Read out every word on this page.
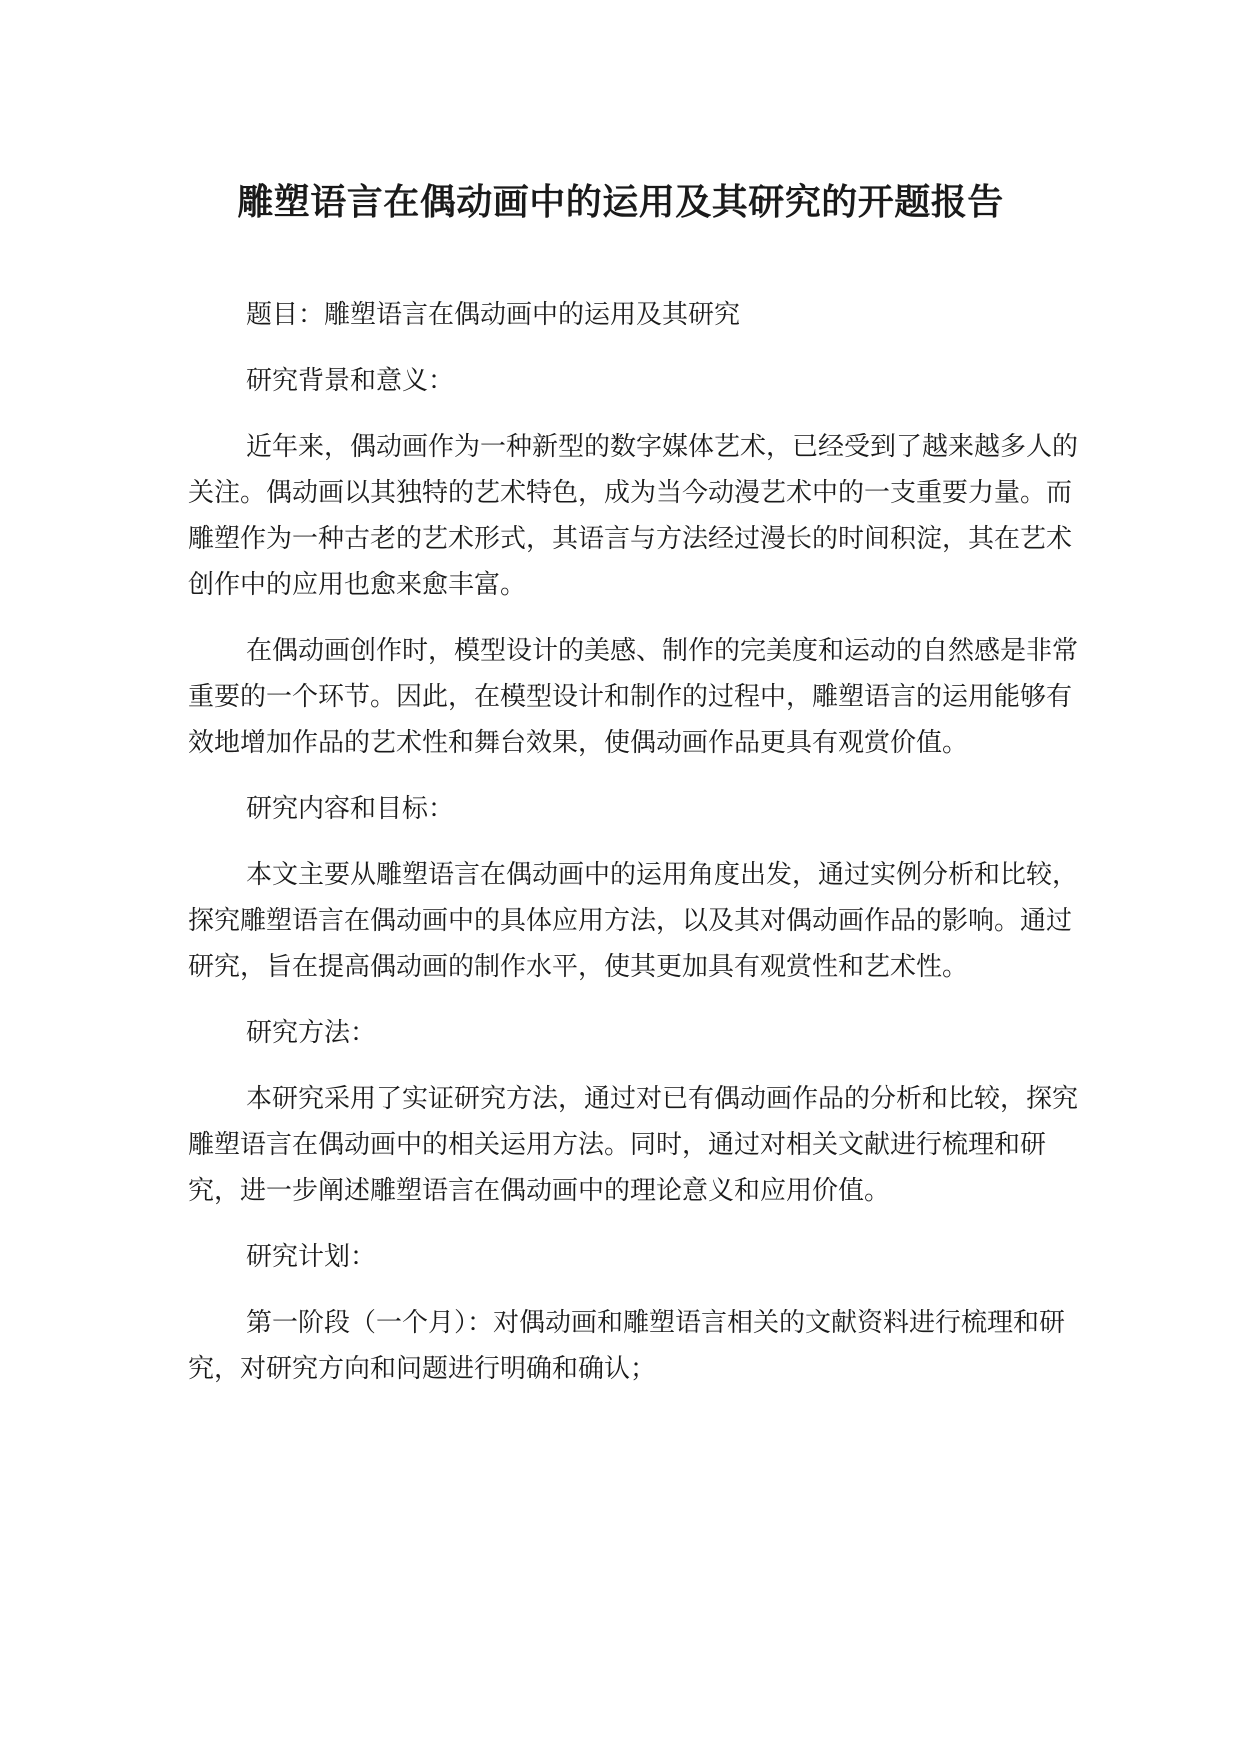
雕塑语言在偶动画中的运用及其研究的开题报告

题目：雕塑语言在偶动画中的运用及其研究

研究背景和意义：

近年来，偶动画作为一种新型的数字媒体艺术，已经受到了越来越多人的关注。偶动画以其独特的艺术特色，成为当今动漫艺术中的一支重要力量。而雕塑作为一种古老的艺术形式，其语言与方法经过漫长的时间积淀，其在艺术创作中的应用也愈来愈丰富。

在偶动画创作时，模型设计的美感、制作的完美度和运动的自然感是非常重要的一个环节。因此，在模型设计和制作的过程中，雕塑语言的运用能够有效地增加作品的艺术性和舞台效果，使偶动画作品更具有观赏价值。

研究内容和目标：

本文主要从雕塑语言在偶动画中的运用角度出发，通过实例分析和比较，探究雕塑语言在偶动画中的具体应用方法，以及其对偶动画作品的影响。通过研究，旨在提高偶动画的制作水平，使其更加具有观赏性和艺术性。

研究方法：

本研究采用了实证研究方法，通过对已有偶动画作品的分析和比较，探究雕塑语言在偶动画中的相关运用方法。同时，通过对相关文献进行梳理和研究，进一步阐述雕塑语言在偶动画中的理论意义和应用价值。

研究计划：

第一阶段（一个月）：对偶动画和雕塑语言相关的文献资料进行梳理和研究，对研究方向和问题进行明确和确认；
